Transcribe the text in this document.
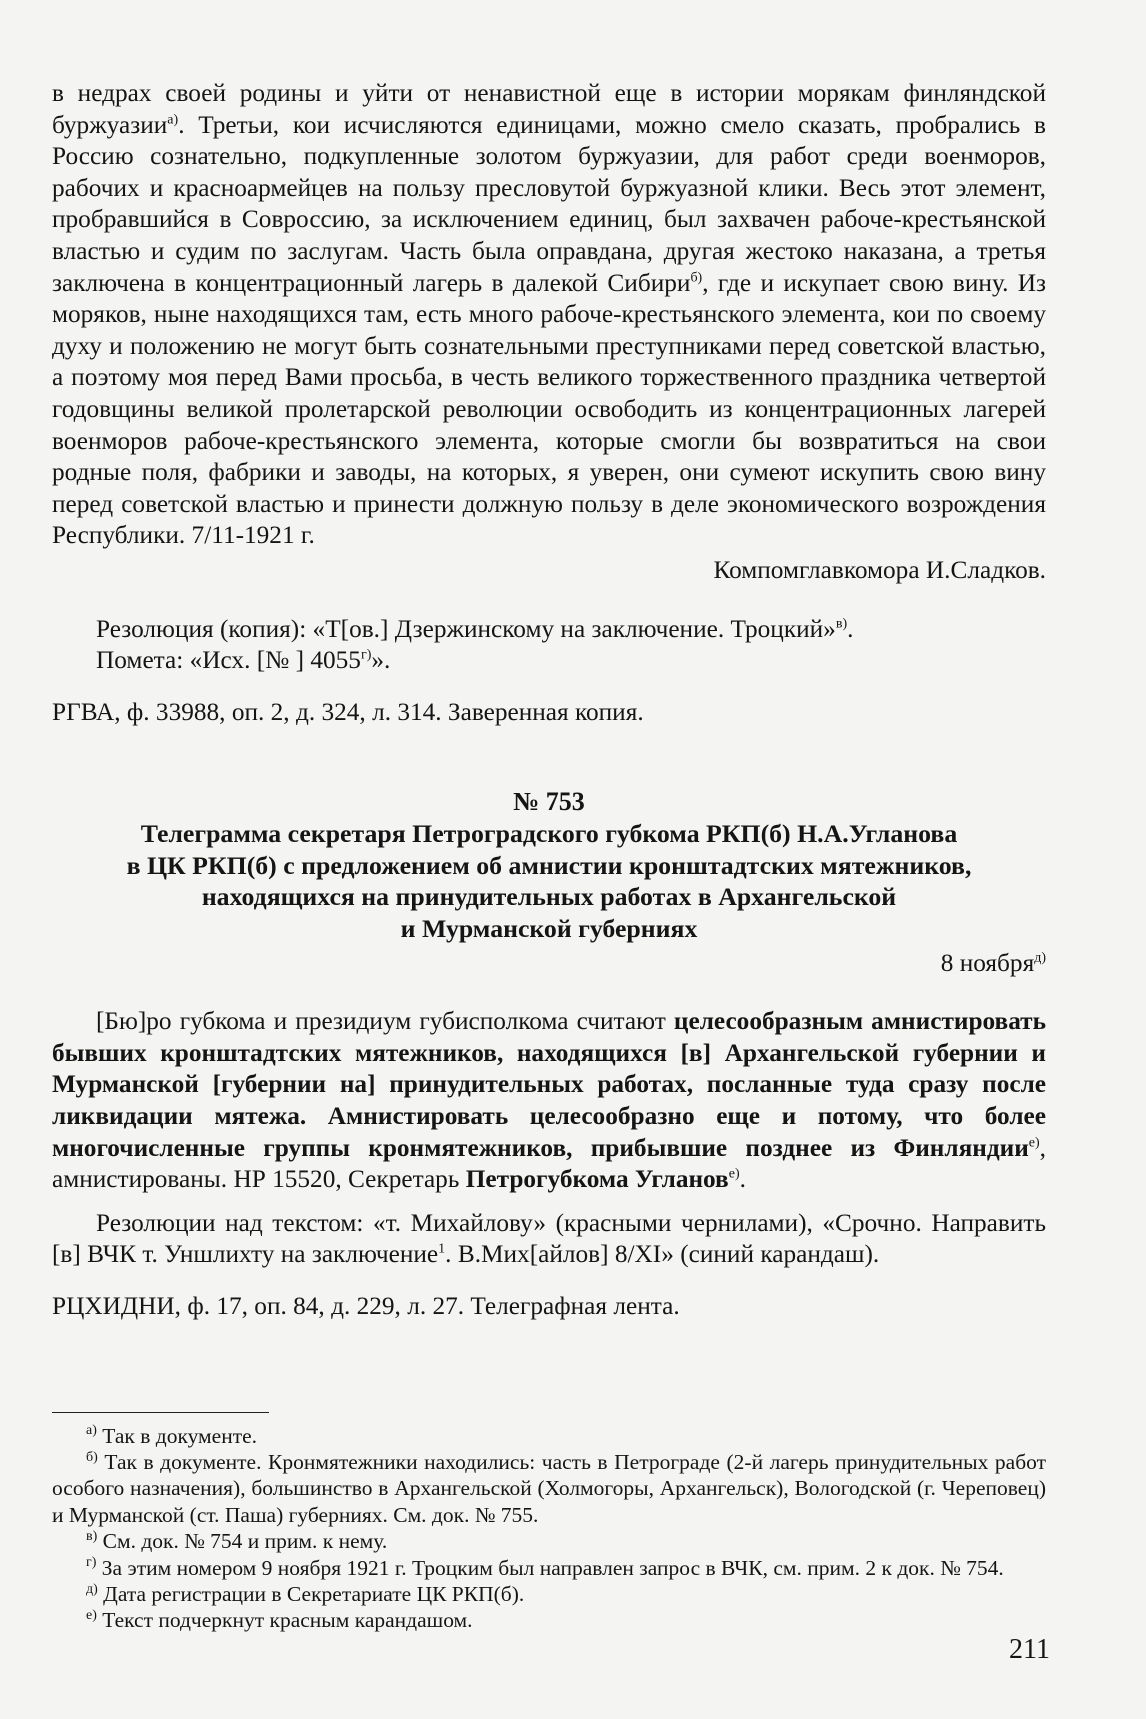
в недрах своей родины и уйти от ненавистной еще в истории морякам финляндской буржуазии$^{а)}$. Третьи, кои исчисляются единицами, можно смело сказать, пробрались в Россию сознательно, подкупленные золотом буржуазии, для работ среди военморов, рабочих и красноармейцев на пользу пресловутой буржуазной клики. Весь этот элемент, пробравшийся в Совроссию, за исключением единиц, был захвачен рабоче-крестьянской властью и судим по заслугам. Часть была оправдана, другая жестоко наказана, а третья заключена в концентрационный лагерь в далекой Сибири$^{б)}$, где и искупает свою вину. Из моряков, ныне находящихся там, есть много рабоче-крестьянского элемента, кои по своему духу и положению не могут быть сознательными преступниками перед советской властью, а поэтому моя перед Вами просьба, в честь великого торжественного праздника четвертой годовщины великой пролетарской революции освободить из концентрационных лагерей военморов рабоче-крестьянского элемента, которые смогли бы возвратиться на свои родные поля, фабрики и заводы, на которых, я уверен, они сумеют искупить свою вину перед советской властью и принести должную пользу в деле экономического возрождения Республики. 7/11-1921 г.

Компомглавкомора И.Сладков.

Резолюция (копия): «Т[ов.] Дзержинскому на заключение. Троцкий»$^{в)}$.

Помета: «Исх. [№ ] $4055^{г)}$».

РГВА, ф. 33988, оп. 2, д. 324, л. 314. Заверенная копия.

№ 753

Телеграмма секретаря Петроградского губкома РКП(б) Н.А.Угланова

в ЦК РКП(б) с предложением об амнистии кронштадтских мятежников,

находящихся на принудительных работах в Архангельской

и Мурманской губерниях

8 ноября$^{д)}$

[Бю]ро губкома и президиум губисполкома считают целесообразным амнистировать бывших кронштадтских мятежников, находящихся [в] Архангельской губернии и Мурманской [губернии на] принудительных работах, посланные туда сразу после ликвидации мятежа. Амнистировать целесообразно еще и потому, что более многочисленные группы кронмятежников, прибывшие позднее из Финляндии$^{е)}$, амнистированы. НР 15520, Секретарь Петрогубкома Угланов$^{е)}$.

Резолюции над текстом: «т. Михайлову» (красными чернилами), «Срочно. Направить [в] ВЧК т. Уншлихту на заключение$^1$. В.Мих[айлов] 8/XI» (синий карандаш).

РЦХИДНИ, ф. 17, оп. 84, д. 229, л. 27. Телеграфная лента.

$^{а)}$ Так в документе.

$^{б)}$ Так в документе. Кронмятежники находились: часть в Петрограде (2-й лагерь принудительных работ особого назначения), большинство в Архангельской (Холмогоры, Архангельск), Вологодской (г. Череповец) и Мурманской (ст. Паша) губерниях. См. док. № 755.

$^{в)}$ См. док. № 754 и прим. к нему.

$^{г)}$ За этим номером 9 ноября 1921 г. Троцким был направлен запрос в ВЧК, см. прим. 2 к док. № 754.

$^{д)}$ Дата регистрации в Секретариате ЦК РКП(б).

$^{е)}$ Текст подчеркнут красным карандашом.

211
